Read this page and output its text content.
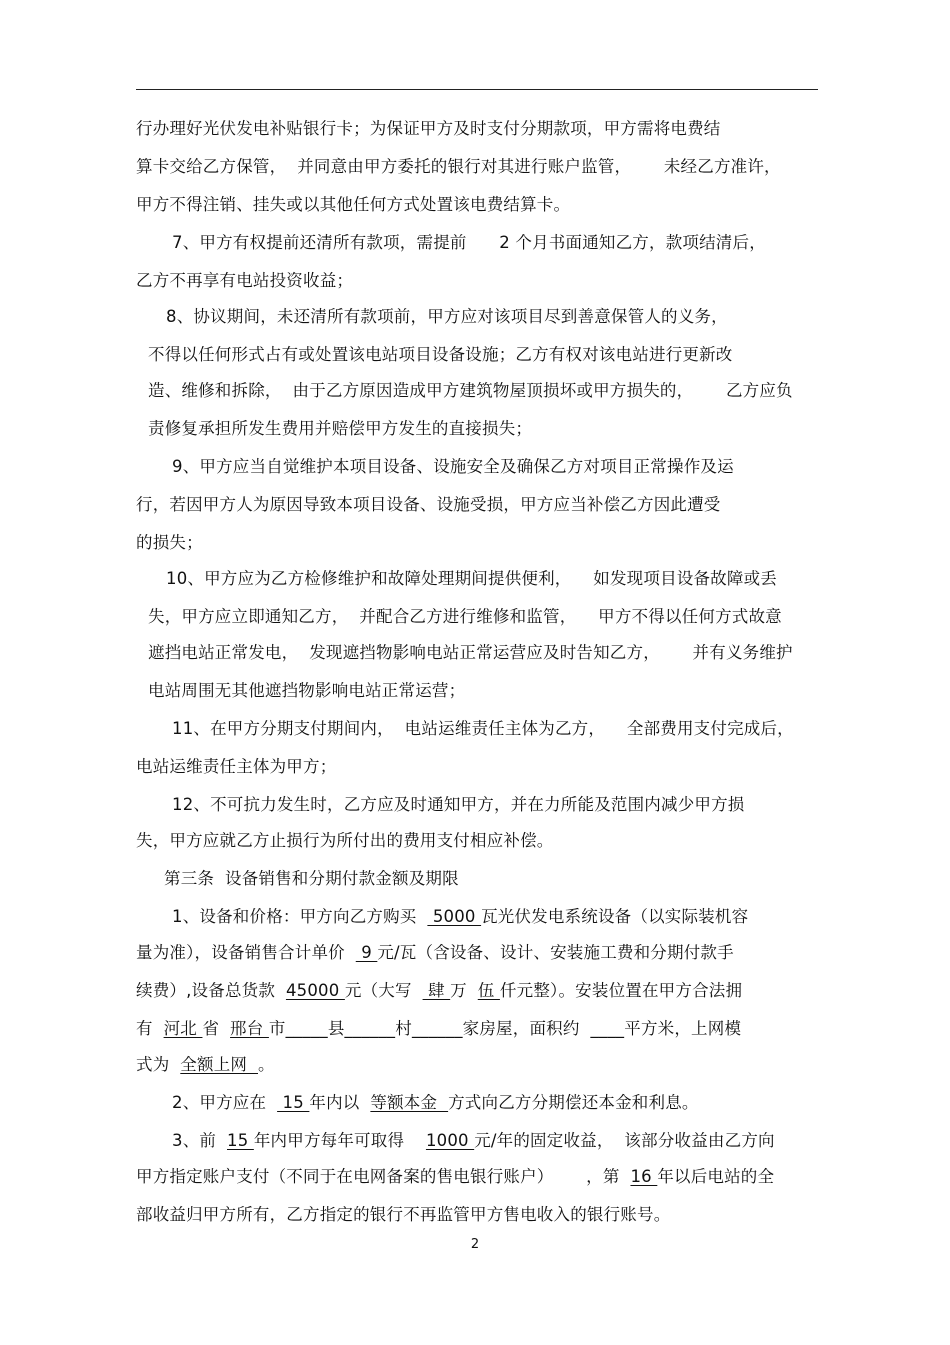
行办理好光伏发电补贴银行卡；为保证甲方及时支付分期款项，甲方需将电费结
算卡交给乙方保管，  并同意由甲方委托的银行对其进行账户监管，      未经乙方准许，
甲方不得注销、挂失或以其他任何方式处置该电费结算卡。
7、甲方有权提前还清所有款项，需提前      2 个月书面通知乙方，款项结清后，
乙方不再享有电站投资收益；
8、协议期间，未还清所有款项前，甲方应对该项目尽到善意保管人的义务，
不得以任何形式占有或处置该电站项目设备设施；乙方有权对该电站进行更新改
造、维修和拆除，  由于乙方原因造成甲方建筑物屋顶损坏或甲方损失的，      乙方应负
责修复承担所发生费用并赔偿甲方发生的直接损失；
9、甲方应当自觉维护本项目设备、设施安全及确保乙方对项目正常操作及运
行，若因甲方人为原因导致本项目设备、设施受损，甲方应当补偿乙方因此遭受
的损失；
10、甲方应为乙方检修维护和故障处理期间提供便利，    如发现项目设备故障或丢
失，甲方应立即通知乙方，  并配合乙方进行维修和监管，    甲方不得以任何方式故意
遮挡电站正常发电，  发现遮挡物影响电站正常运营应及时告知乙方，      并有义务维护
电站周围无其他遮挡物影响电站正常运营；
11、在甲方分期支付期间内，  电站运维责任主体为乙方，    全部费用支付完成后，
电站运维责任主体为甲方；
12、不可抗力发生时，乙方应及时通知甲方，并在力所能及范围内减少甲方损
失，甲方应就乙方止损行为所付出的费用支付相应补偿。
第三条  设备销售和分期付款金额及期限
1、设备和价格：甲方向乙方购买   5000 瓦光伏发电系统设备（以实际装机容
量为准），设备销售合计单价   9 元/瓦（含设备、设计、安装施工费和分期付款手
续费）,设备总货款  45000 元（大写   肆 万  伍 仟元整）。安装位置在甲方合法拥
有  河北 省  邢台 市_____县______村______家房屋，面积约  ____平方米，上网模
式为  全额上网  。
2、甲方应在   15 年内以  等额本金  方式向乙方分期偿还本金和利息。
3、前  15 年内甲方每年可取得    1000 元/年的固定收益，  该部分收益由乙方向
甲方指定账户支付（不同于在电网备案的售电银行账户）      ，第  16 年以后电站的全
部收益归甲方所有，乙方指定的银行不再监管甲方售电收入的银行账号。
2
